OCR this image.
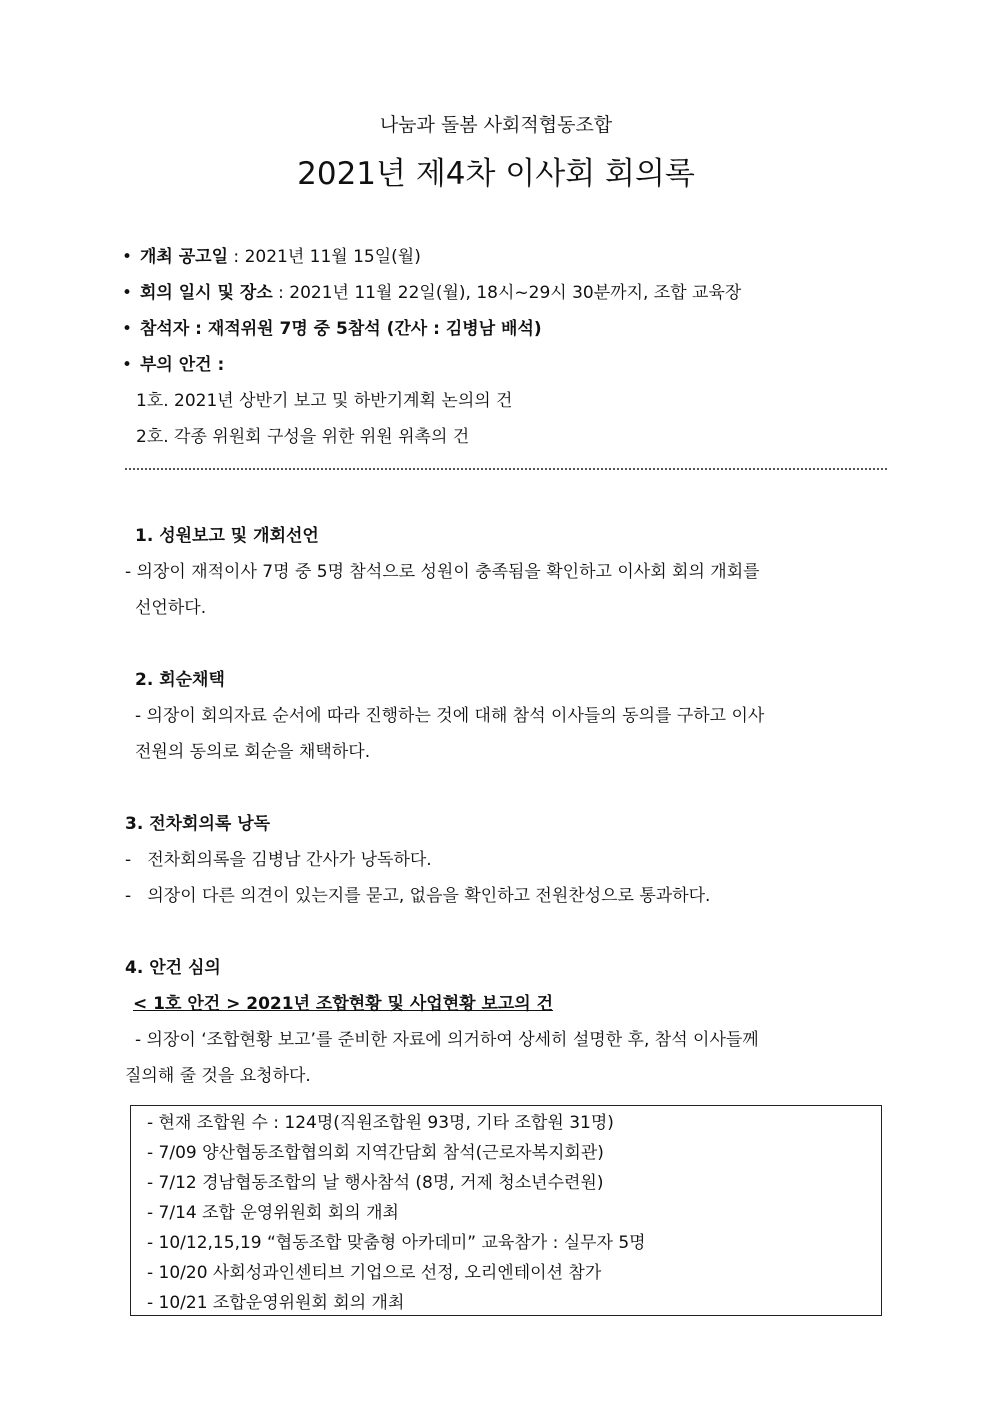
나눔과 돌봄 사회적협동조합
2021년 제4차 이사회 회의록
• 개최 공고일 : 2021년 11월 15일(월)
• 회의 일시 및 장소 : 2021년 11월 22일(월), 18시~29시 30분까지, 조합 교육장
• 참석자 : 재적위원 7명 중 5참석 (간사 : 김병남 배석)
• 부의 안건 :
1호. 2021년 상반기 보고 및 하반기계획 논의의 건
2호. 각종 위원회 구성을 위한 위원 위촉의 건
1. 성원보고 및 개회선언
- 의장이 재적이사 7명 중 5명 참석으로 성원이 충족됨을 확인하고 이사회 회의 개회를
선언하다.
2. 회순채택
- 의장이 회의자료 순서에 따라 진행하는 것에 대해 참석 이사들의 동의를 구하고 이사
전원의 동의로 회순을 채택하다.
3. 전차회의록 낭독
-   전차회의록을 김병남 간사가 낭독하다.
-   의장이 다른 의견이 있는지를 묻고, 없음을 확인하고 전원찬성으로 통과하다.
4. 안건 심의
< 1호 안건 > 2021년 조합현황 및 사업현황 보고의 건
- 의장이 ‘조합현황 보고’를 준비한 자료에 의거하여 상세히 설명한 후, 참석 이사들께
질의해 줄 것을 요청하다.
- 현재 조합원 수 : 124명(직원조합원 93명, 기타 조합원 31명)
- 7/09 양산협동조합협의회 지역간담회 참석(근로자복지회관)
- 7/12 경남협동조합의 날 행사참석 (8명, 거제 청소년수련원)
- 7/14 조합 운영위원회 회의 개최
- 10/12,15,19 “협동조합 맞춤형 아카데미” 교육참가 : 실무자 5명
- 10/20 사회성과인센티브 기업으로 선정, 오리엔테이션 참가
- 10/21 조합운영위원회 회의 개최
